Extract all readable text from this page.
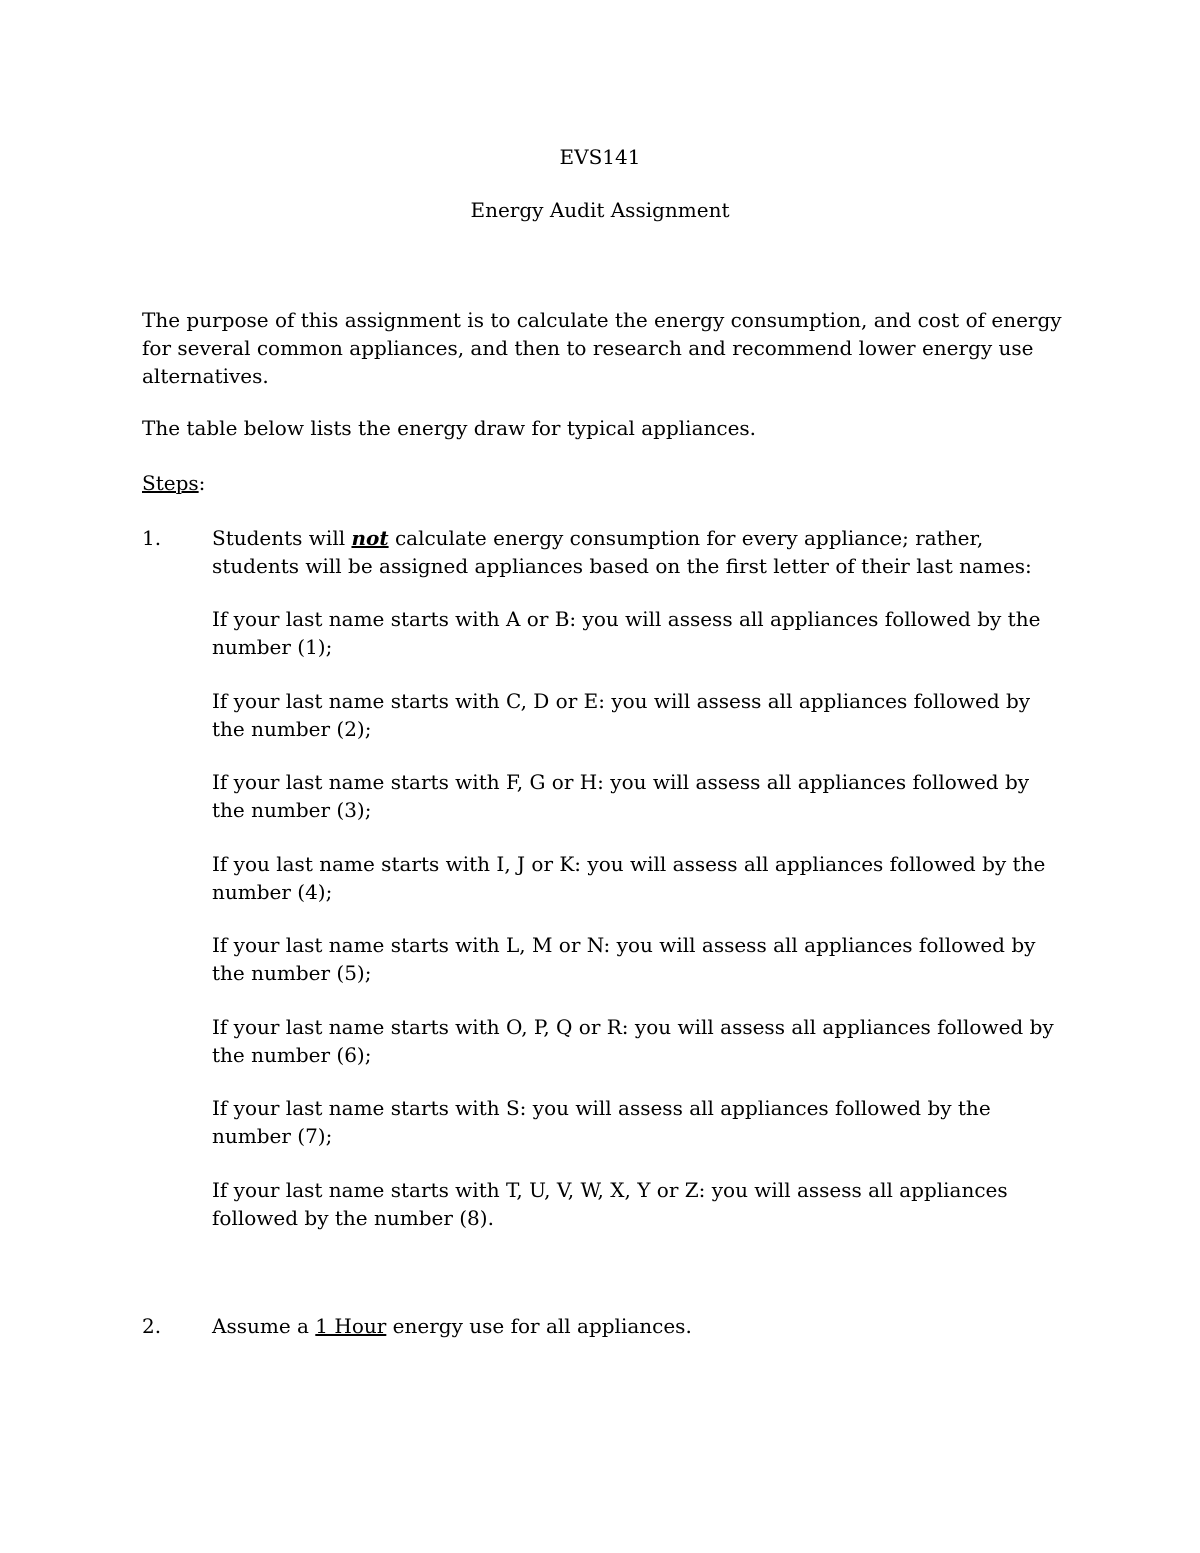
EVS141
Energy Audit Assignment

The purpose of this assignment is to calculate the energy consumption, and cost of energy for several common appliances, and then to research and recommend lower energy use alternatives.

The table below lists the energy draw for typical appliances.

Steps:

1.	Students will not calculate energy consumption for every appliance; rather, students will be assigned appliances based on the first letter of their last names:

If your last name starts with A or B: you will assess all appliances followed by the number (1);

If your last name starts with C, D or E: you will assess all appliances followed by the number (2);

If your last name starts with F, G or H: you will assess all appliances followed by the number (3);

If you last name starts with I, J or K: you will assess all appliances followed by the number (4);

If your last name starts with L, M or N: you will assess all appliances followed by the number (5);

If your last name starts with O, P, Q or R: you will assess all appliances followed by the number (6);

If your last name starts with S: you will assess all appliances followed by the number (7);

If your last name starts with T, U, V, W, X, Y or Z: you will assess all appliances followed by the number (8).

2.	Assume a 1 Hour energy use for all appliances.
